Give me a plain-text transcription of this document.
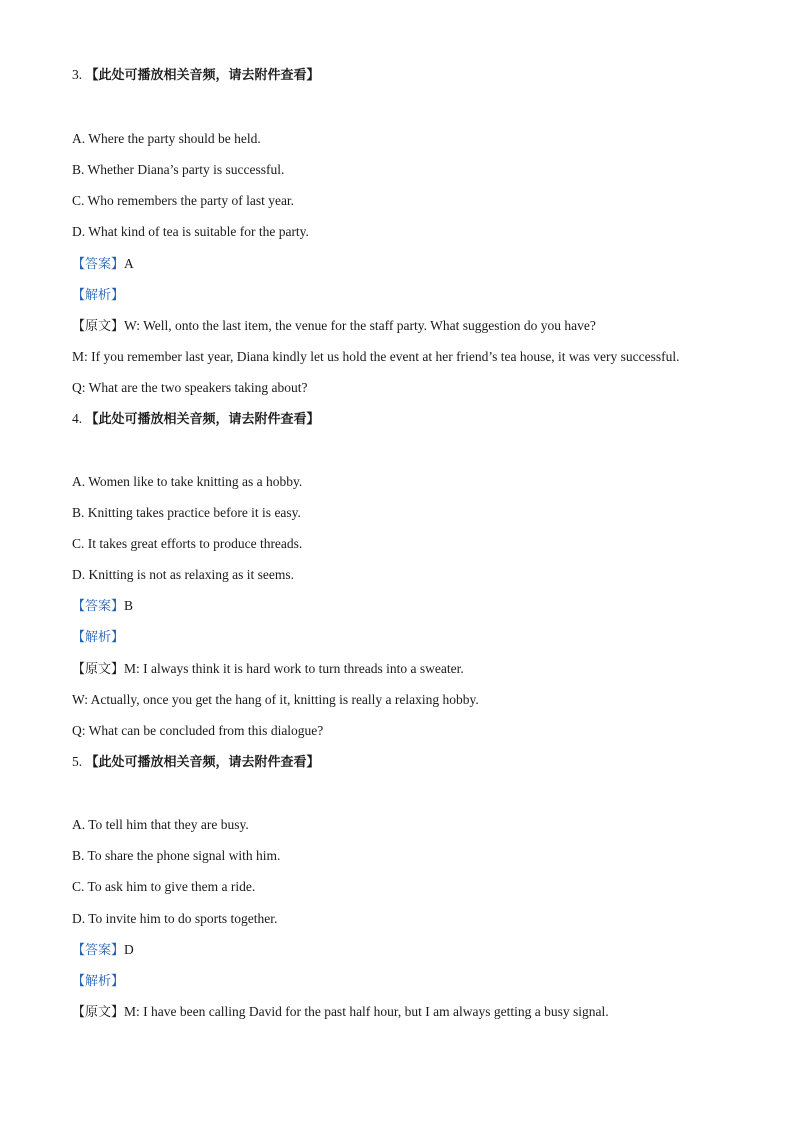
3. 【此处可播放相关音频，请去附件查看】
A. Where the party should be held.
B. Whether Diana’s party is successful.
C. Who remembers the party of last year.
D. What kind of tea is suitable for the party.
【答案】A
【解析】
【原文】W: Well, onto the last item, the venue for the staff party. What suggestion do you have?
M: If you remember last year, Diana kindly let us hold the event at her friend’s tea house, it was very successful.
Q: What are the two speakers taking about?
4. 【此处可播放相关音频，请去附件查看】
A. Women like to take knitting as a hobby.
B. Knitting takes practice before it is easy.
C. It takes great efforts to produce threads.
D. Knitting is not as relaxing as it seems.
【答案】B
【解析】
【原文】M: I always think it is hard work to turn threads into a sweater.
W: Actually, once you get the hang of it, knitting is really a relaxing hobby.
Q: What can be concluded from this dialogue?
5. 【此处可播放相关音频，请去附件查看】
A. To tell him that they are busy.
B. To share the phone signal with him.
C. To ask him to give them a ride.
D. To invite him to do sports together.
【答案】D
【解析】
【原文】M: I have been calling David for the past half hour, but I am always getting a busy signal.
